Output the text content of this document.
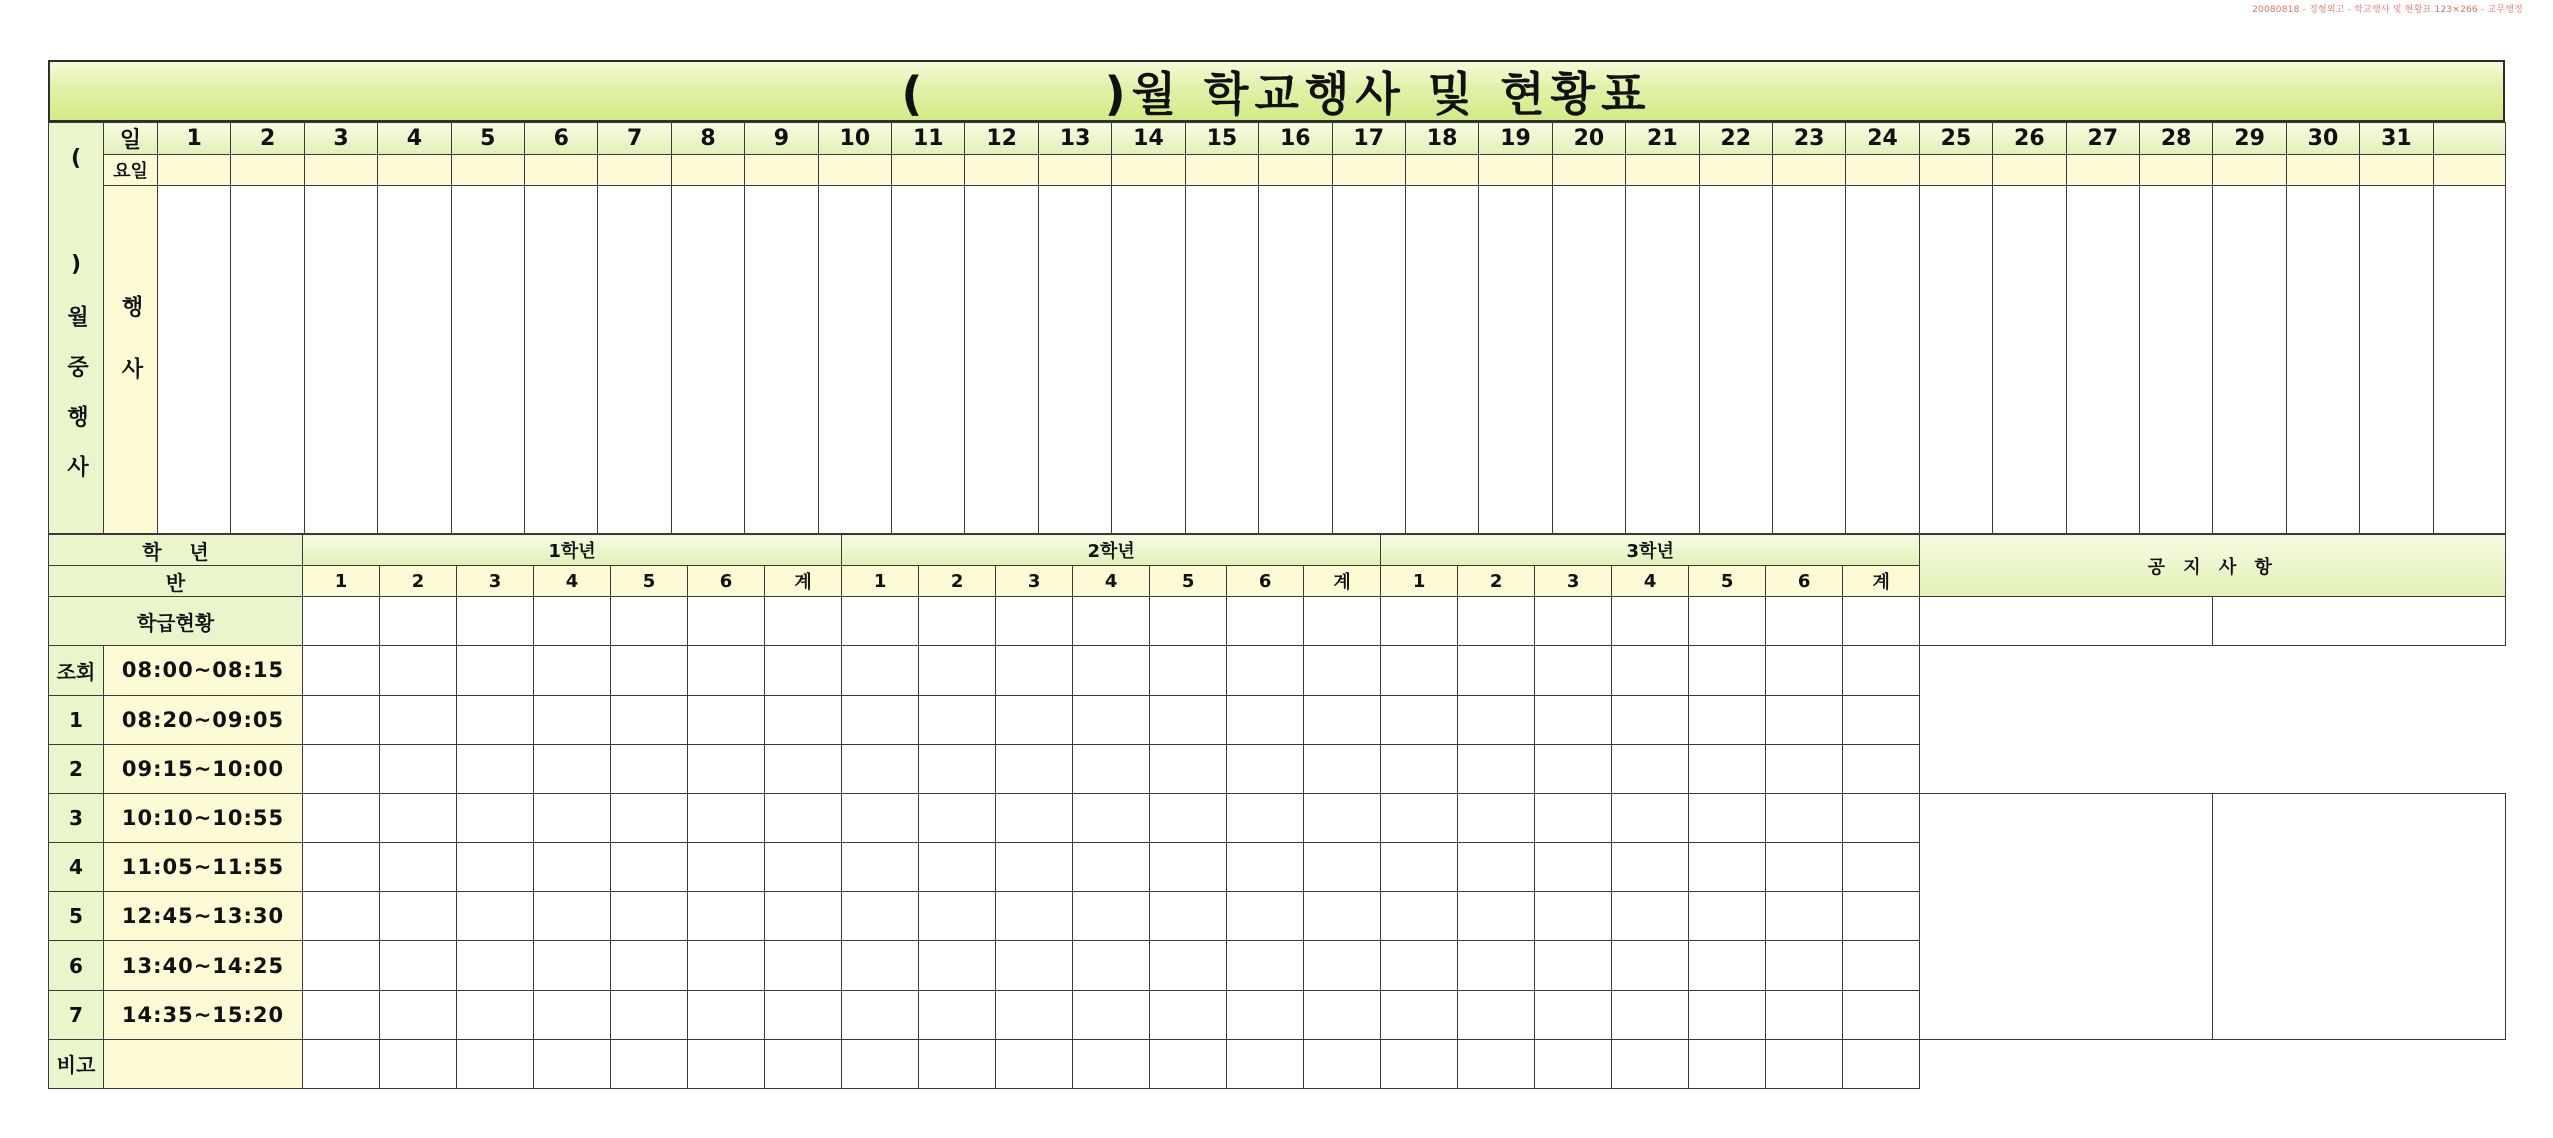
20080818 - 정형외고 - 학교행사 및 현황표 123×266 - 교무행정
(        )월 학교행사 및 현황표
( )월중행사	일	1	2	3	4	5	6	7	8	9	10	11	12	13	14	15	16	17	18	19	20	21	22	23	24	25	26	27	28	29	30	31	
	요일																																
	행사																																
학    년		1학년							2학년							3학년							공 지 사 항	
반		1	2	3	4	5	6	계	1	2	3	4	5	6	계	1	2	3	4	5	6	계		
학급현황																								
조회	08:00~08:15																							
1	08:20~09:05																							
2	09:15~10:00																							
3	10:10~10:55																							
4	11:05~11:55																							
5	12:45~13:30																							
6	13:40~14:25																							
7	14:35~15:20																							
비고																								
